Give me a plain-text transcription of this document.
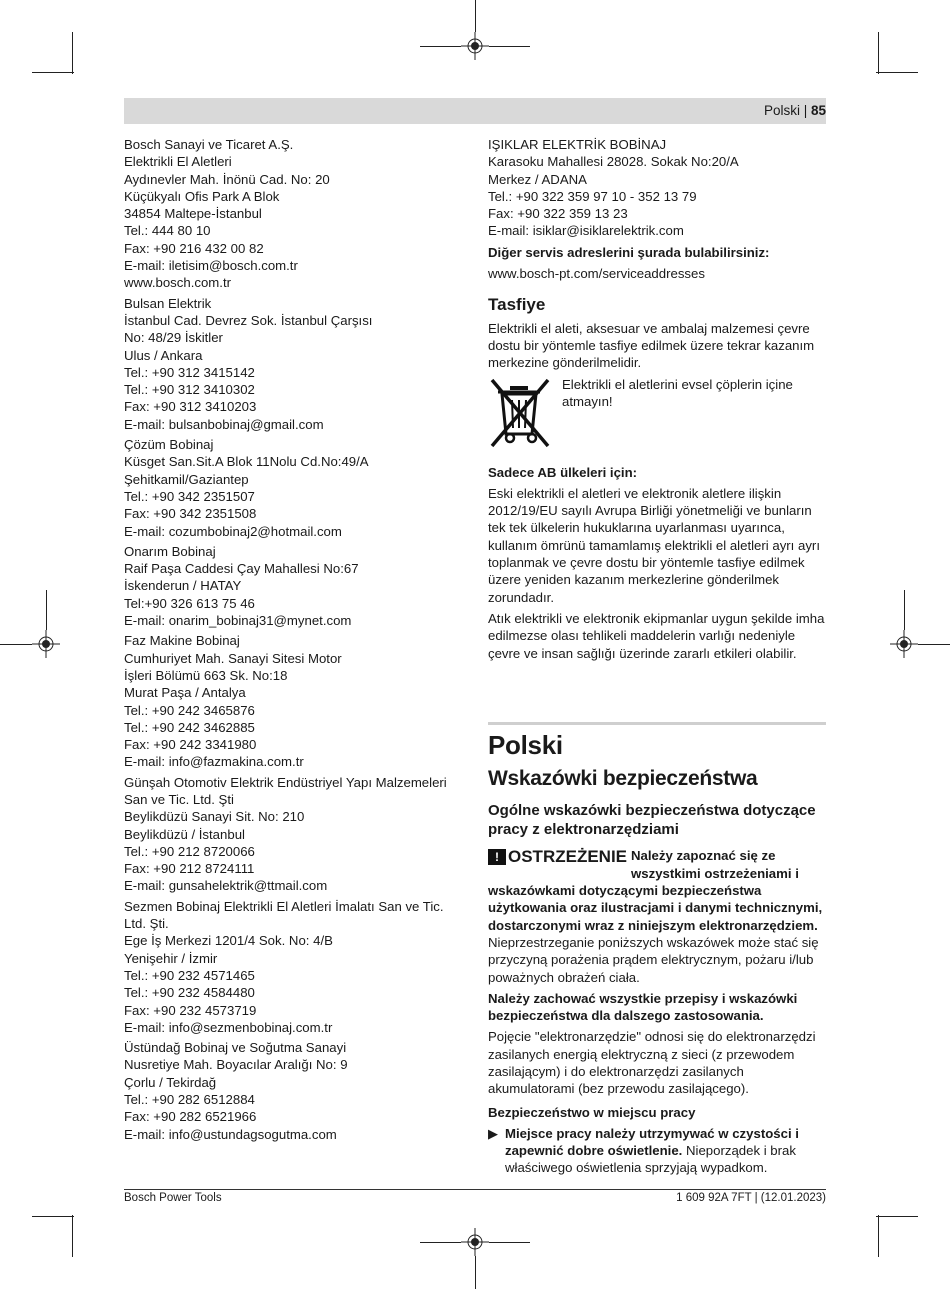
Polski | 85
Bosch Sanayi ve Ticaret A.Ş.
Elektrikli El Aletleri
Aydınevler Mah. İnönü Cad. No: 20
Küçükyalı Ofis Park A Blok
34854 Maltepe-İstanbul
Tel.: 444 80 10
Fax: +90 216 432 00 82
E-mail: iletisim@bosch.com.tr
www.bosch.com.tr
Bulsan Elektrik
İstanbul Cad. Devrez Sok. İstanbul Çarşısı
No: 48/29 İskitler
Ulus / Ankara
Tel.: +90 312 3415142
Tel.: +90 312 3410302
Fax: +90 312 3410203
E-mail: bulsanbobinaj@gmail.com
Çözüm Bobinaj
Küsget San.Sit.A Blok 11Nolu Cd.No:49/A
Şehitkamil/Gaziantep
Tel.: +90 342 2351507
Fax: +90 342 2351508
E-mail: cozumbobinaj2@hotmail.com
Onarım Bobinaj
Raif Paşa Caddesi Çay Mahallesi No:67
İskenderun / HATAY
Tel:+90 326 613 75 46
E-mail: onarim_bobinaj31@mynet.com
Faz Makine Bobinaj
Cumhuriyet Mah. Sanayi Sitesi Motor
İşleri Bölümü 663 Sk. No:18
Murat Paşa / Antalya
Tel.: +90 242 3465876
Tel.: +90 242 3462885
Fax: +90 242 3341980
E-mail: info@fazmakina.com.tr
Günşah Otomotiv Elektrik Endüstriyel Yapı Malzemeleri San ve Tic. Ltd. Şti
Beylikdüzü Sanayi Sit. No: 210
Beylikdüzü / İstanbul
Tel.: +90 212 8720066
Fax: +90 212 8724111
E-mail: gunsahelektrik@ttmail.com
Sezmen Bobinaj Elektrikli El Aletleri İmalatı San ve Tic. Ltd. Şti.
Ege İş Merkezi 1201/4 Sok. No: 4/B
Yenişehir / İzmir
Tel.: +90 232 4571465
Tel.: +90 232 4584480
Fax: +90 232 4573719
E-mail: info@sezmenbobinaj.com.tr
Üstündağ Bobinaj ve Soğutma Sanayi
Nusretiye Mah. Boyacılar Aralığı No: 9
Çorlu / Tekirdağ
Tel.: +90 282 6512884
Fax: +90 282 6521966
E-mail: info@ustundagsogutma.com
IŞIKLAR ELEKTRİK BOBİNAJ
Karasoku Mahallesi 28028. Sokak No:20/A
Merkez / ADANA
Tel.: +90 322 359 97 10 - 352 13 79
Fax: +90 322 359 13 23
E-mail: isiklar@isiklarelektrik.com

Diğer servis adreslerini şurada bulabilirsiniz:

www.bosch-pt.com/serviceaddresses

Tasfiye

Elektrikli el aleti, aksesuar ve ambalaj malzemesi çevre dostu bir yöntemle tasfiye edilmek üzere tekrar kazanım merkezine gönderilmelidir.

Elektrikli el aletlerini evsel çöplerin içine atmayın!

Sadece AB ülkeleri için:

Eski elektrikli el aletleri ve elektronik aletlere ilişkin 2012/19/EU sayılı Avrupa Birliği yönetmeliği ve bunların tek tek ülkelerin hukuklarına uyarlanması uyarınca, kullanım ömrünü tamamlamış elektrikli el aletleri ayrı ayrı toplanmak ve çevre dostu bir yöntemle tasfiye edilmek üzere yeniden kazanım merkezlerine gönderilmek zorundadır.

Atık elektrikli ve elektronik ekipmanlar uygun şekilde imha edilmezse olası tehlikeli maddelerin varlığı nedeniyle çevre ve insan sağlığı üzerinde zararlı etkileri olabilir.

Polski
Wskazówki bezpieczeństwa
Ogólne wskazówki bezpieczeństwa dotyczące pracy z elektronarzędziami

! OSTRZEŻENIE Należy zapoznać się ze wszystkimi ostrzeżeniami i wskazówkami dotyczącymi bezpieczeństwa użytkowania oraz ilustracjami i danymi technicznymi, dostarczonymi wraz z niniejszym elektronarzędziem. Nieprzestrzeganie poniższych wskazówek może stać się przyczyną porażenia prądem elektrycznym, pożaru i/lub poważnych obrażeń ciała.

Należy zachować wszystkie przepisy i wskazówki bezpieczeństwa dla dalszego zastosowania.

Pojęcie "elektronarzędzie" odnosi się do elektronarzędzi zasilanych energią elektryczną z sieci (z przewodem zasilającym) i do elektronarzędzi zasilanych akumulatorami (bez przewodu zasilającego).

Bezpieczeństwo w miejscu pracy

▶ Miejsce pracy należy utrzymywać w czystości i zapewnić dobre oświetlenie. Nieporządek i brak właściwego oświetlenia sprzyjają wypadkom.
Bosch Power Tools	1 609 92A 7FT | (12.01.2023)
